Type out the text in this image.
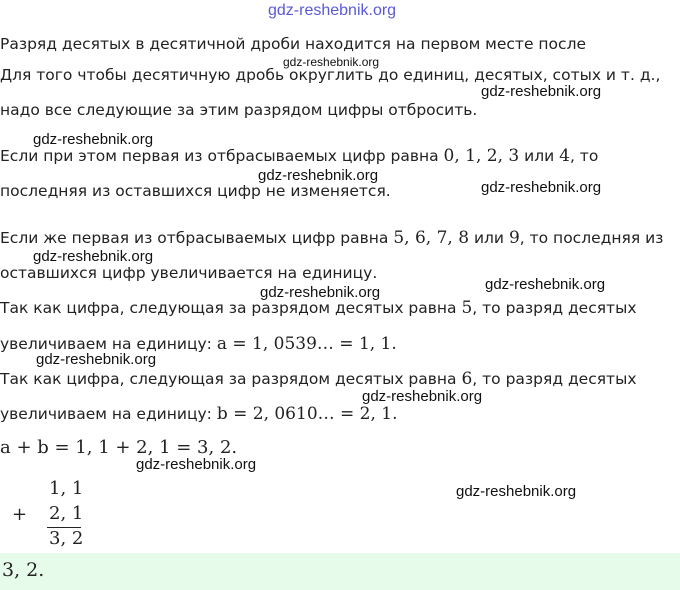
gdz-reshebnik.org
Разряд десятых в десятичной дроби находится на первом месте после
gdz-reshebnik.org
Для того чтобы десятичную дробь округлить до единиц, десятых, сотых и т. д.,
gdz-reshebnik.org
надо все следующие за этим разрядом цифры отбросить.
gdz-reshebnik.org
Если при этом первая из отбрасываемых цифр равна 0, 1, 2, 3 или 4, то
gdz-reshebnik.org
gdz-reshebnik.org
последняя из оставшихся цифр не изменяется.
Если же первая из отбрасываемых цифр равна 5, 6, 7, 8 или 9, то последняя из
gdz-reshebnik.org
оставшихся цифр увеличивается на единицу.
gdz-reshebnik.org
gdz-reshebnik.org
Так как цифра, следующая за разрядом десятых равна 5, то разряд десятых
увеличиваем на единицу: a = 1, 0539… = 1, 1.
gdz-reshebnik.org
Так как цифра, следующая за разрядом десятых равна 6, то разряд десятых
gdz-reshebnik.org
увеличиваем на единицу: b = 2, 0610… = 2, 1.
a + b = 1, 1 + 2, 1 = 3, 2.
gdz-reshebnik.org
1, 1
+ 2, 1
3, 2
gdz-reshebnik.org
3, 2.
